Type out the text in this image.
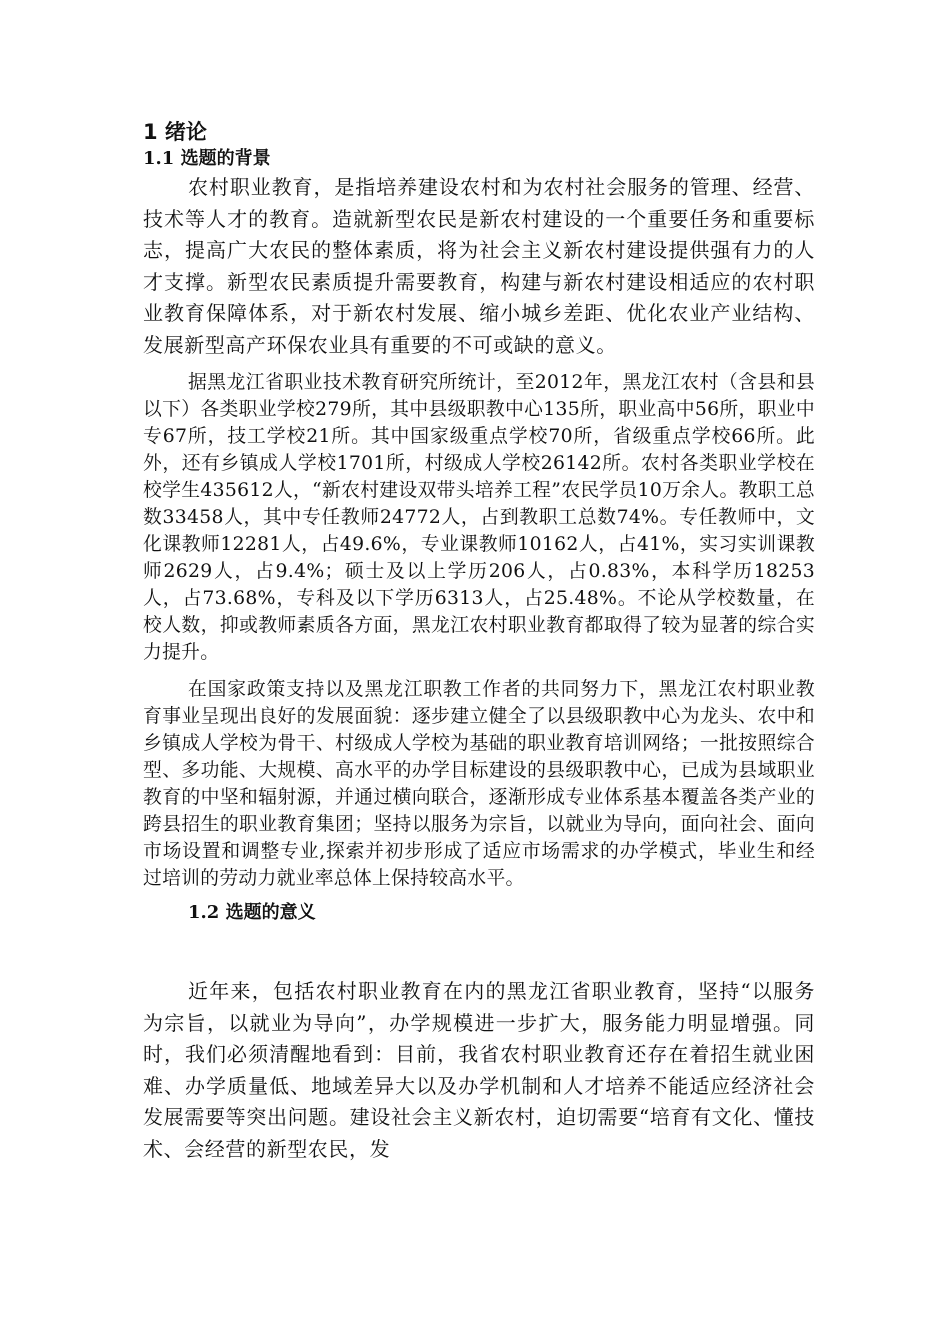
1 绪论
1.1 选题的背景

农村职业教育，是指培养建设农村和为农村社会服务的管理、经营、技术等人才的教育。造就新型农民是新农村建设的一个重要任务和重要标志，提高广大农民的整体素质，将为社会主义新农村建设提供强有力的人才支撑。新型农民素质提升需要教育，构建与新农村建设相适应的农村职业教育保障体系，对于新农村发展、缩小城乡差距、优化农业产业结构、发展新型高产环保农业具有重要的不可或缺的意义。

据黑龙江省职业技术教育研究所统计，至2012年，黑龙江农村（含县和县以下）各类职业学校279所，其中县级职教中心135所，职业高中56所，职业中专67所，技工学校21所。其中国家级重点学校70所，省级重点学校66所。此外，还有乡镇成人学校1701所，村级成人学校26142所。农村各类职业学校在校学生435612人，“新农村建设双带头培养工程”农民学员10万余人。教职工总数33458人，其中专任教师24772人，占到教职工总数74%。专任教师中，文化课教师12281人，占49.6%，专业课教师10162人，占41%，实习实训课教师2629人，占9.4%；硕士及以上学历206人，占0.83%，本科学历18253人，占73.68%，专科及以下学历6313人，占25.48%。不论从学校数量，在校人数，抑或教师素质各方面，黑龙江农村职业教育都取得了较为显著的综合实力提升。

在国家政策支持以及黑龙江职教工作者的共同努力下，黑龙江农村职业教育事业呈现出良好的发展面貌：逐步建立健全了以县级职教中心为龙头、农中和乡镇成人学校为骨干、村级成人学校为基础的职业教育培训网络；一批按照综合型、多功能、大规模、高水平的办学目标建设的县级职教中心，已成为县域职业教育的中坚和辐射源，并通过横向联合，逐渐形成专业体系基本覆盖各类产业的跨县招生的职业教育集团；坚持以服务为宗旨，以就业为导向，面向社会、面向市场设置和调整专业,探索并初步形成了适应市场需求的办学模式，毕业生和经过培训的劳动力就业率总体上保持较高水平。

1.2 选题的意义

近年来，包括农村职业教育在内的黑龙江省职业教育，坚持“以服务为宗旨，以就业为导向”，办学规模进一步扩大，服务能力明显增强。同时，我们必须清醒地看到：目前，我省农村职业教育还存在着招生就业困难、办学质量低、地域差异大以及办学机制和人才培养不能适应经济社会发展需要等突出问题。建设社会主义新农村，迫切需要“培育有文化、懂技术、会经营的新型农民，发
